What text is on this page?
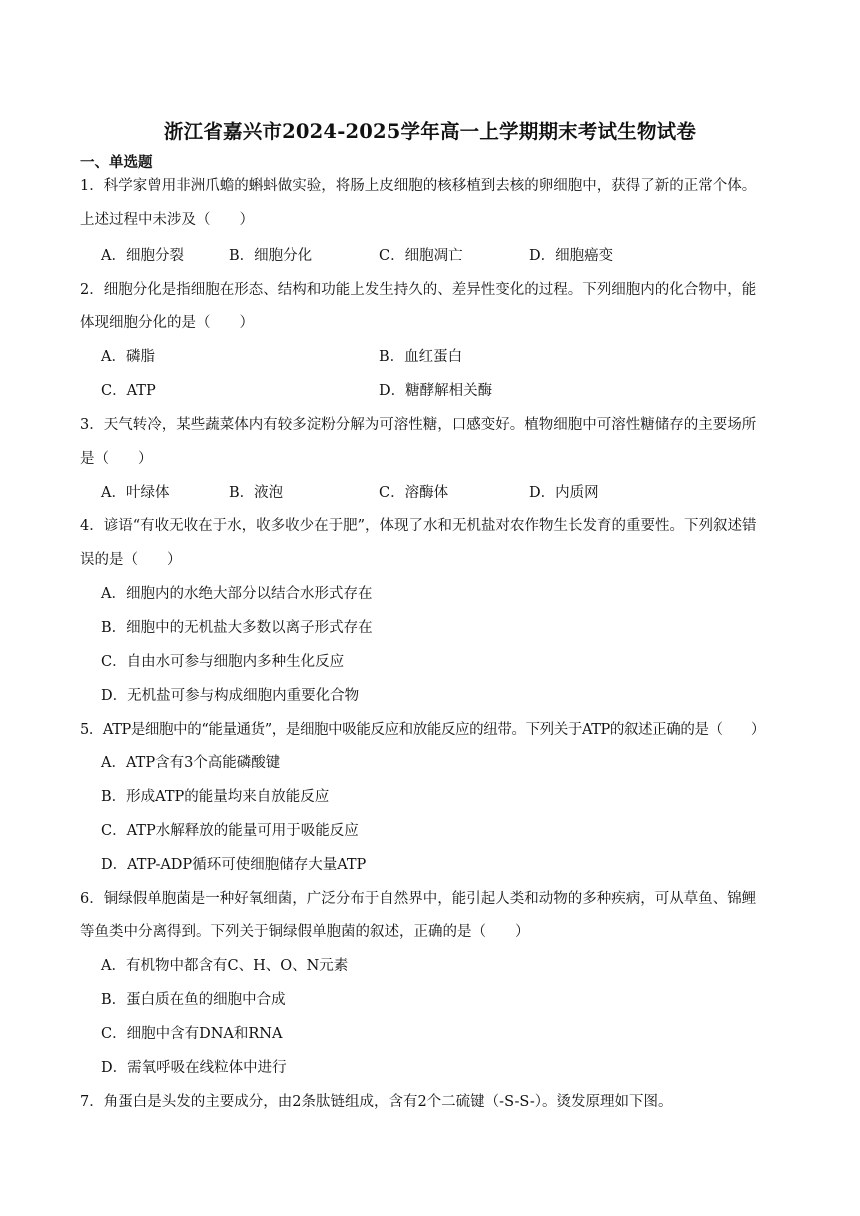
浙江省嘉兴市2024-2025学年高一上学期期末考试生物试卷
一、单选题
1．科学家曾用非洲爪蟾的蝌蚪做实验，将肠上皮细胞的核移植到去核的卵细胞中，获得了新的正常个体。
上述过程中未涉及（　　）
A．细胞分裂	B．细胞分化	C．细胞凋亡	D．细胞癌变
2．细胞分化是指细胞在形态、结构和功能上发生持久的、差异性变化的过程。下列细胞内的化合物中，能
体现细胞分化的是（　　）
A．磷脂	B．血红蛋白
C．ATP	D．糖酵解相关酶
3．天气转冷，某些蔬菜体内有较多淀粉分解为可溶性糖，口感变好。植物细胞中可溶性糖储存的主要场所
是（　　）
A．叶绿体	B．液泡	C．溶酶体	D．内质网
4．谚语“有收无收在于水，收多收少在于肥”，体现了水和无机盐对农作物生长发育的重要性。下列叙述错
误的是（　　）
A．细胞内的水绝大部分以结合水形式存在
B．细胞中的无机盐大多数以离子形式存在
C．自由水可参与细胞内多种生化反应
D．无机盐可参与构成细胞内重要化合物
5．ATP是细胞中的“能量通货”，是细胞中吸能反应和放能反应的纽带。下列关于ATP的叙述正确的是（　　）
A．ATP含有3个高能磷酸键
B．形成ATP的能量均来自放能反应
C．ATP水解释放的能量可用于吸能反应
D．ATP-ADP循环可使细胞储存大量ATP
6．铜绿假单胞菌是一种好氧细菌，广泛分布于自然界中，能引起人类和动物的多种疾病，可从草鱼、锦鲤
等鱼类中分离得到。下列关于铜绿假单胞菌的叙述，正确的是（　　）
A．有机物中都含有C、H、O、N元素
B．蛋白质在鱼的细胞中合成
C．细胞中含有DNA和RNA
D．需氧呼吸在线粒体中进行
7．角蛋白是头发的主要成分，由2条肽链组成，含有2个二硫键（-S-S-）。烫发原理如下图。
